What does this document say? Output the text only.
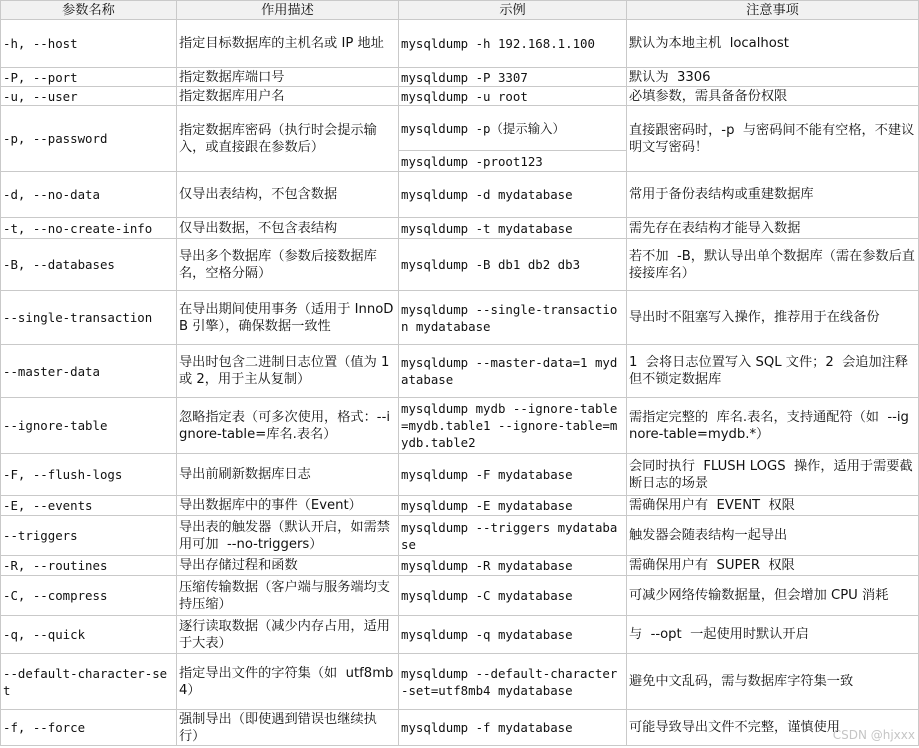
参数名称	作用描述	示例	注意事项
-h, --host	指定目标数据库的主机名或 IP 地址	mysqldump -h 192.168.1.100	默认为本地主机  localhost
-P, --port	指定数据库端口号	mysqldump -P 3307	默认为  3306
-u, --user	指定数据库用户名	mysqldump -u root	必填参数，需具备备份权限
-p, --password	指定数据库密码（执行时会提示输入，或直接跟在参数后）	mysqldump -p（提示输入）	直接跟密码时，-p  与密码间不能有空格，不建议明文写密码！
		mysqldump -proot123	
-d, --no-data	仅导出表结构，不包含数据	mysqldump -d mydatabase	常用于备份表结构或重建数据库
-t, --no-create-info	仅导出数据，不包含表结构	mysqldump -t mydatabase	需先存在表结构才能导入数据
-B, --databases	导出多个数据库（参数后接数据库名，空格分隔）	mysqldump -B db1 db2 db3	若不加  -B，默认导出单个数据库（需在参数后直接接库名）
--single-transaction	在导出期间使用事务（适用于 InnoDB 引擎），确保数据一致性	mysqldump --single-transaction mydatabase	导出时不阻塞写入操作，推荐用于在线备份
--master-data	导出时包含二进制日志位置（值为 1 或 2，用于主从复制）	mysqldump --master-data=1 mydatabase	1  会将日志位置写入 SQL 文件；2  会追加注释但不锁定数据库
--ignore-table	忽略指定表（可多次使用，格式：--ignore-table=库名.表名）	mysqldump mydb --ignore-table=mydb.table1 --ignore-table=mydb.table2	需指定完整的  库名.表名，支持通配符（如  --ignore-table=mydb.*）
-F, --flush-logs	导出前刷新数据库日志	mysqldump -F mydatabase	会同时执行  FLUSH LOGS  操作，适用于需要截断日志的场景
-E, --events	导出数据库中的事件（Event）	mysqldump -E mydatabase	需确保用户有  EVENT  权限
--triggers	导出表的触发器（默认开启，如需禁用可加  --no-triggers）	mysqldump --triggers mydatabase	触发器会随表结构一起导出
-R, --routines	导出存储过程和函数	mysqldump -R mydatabase	需确保用户有  SUPER  权限
-C, --compress	压缩传输数据（客户端与服务端均支持压缩）	mysqldump -C mydatabase	可减少网络传输数据量，但会增加 CPU 消耗
-q, --quick	逐行读取数据（减少内存占用，适用于大表）	mysqldump -q mydatabase	与  --opt  一起使用时默认开启
--default-character-set	指定导出文件的字符集（如  utf8mb4）	mysqldump --default-character-set=utf8mb4 mydatabase	避免中文乱码，需与数据库字符集一致
-f, --force	强制导出（即使遇到错误也继续执行）	mysqldump -f mydatabase	可能导致导出文件不完整，谨慎使用
CSDN @hjxxx
